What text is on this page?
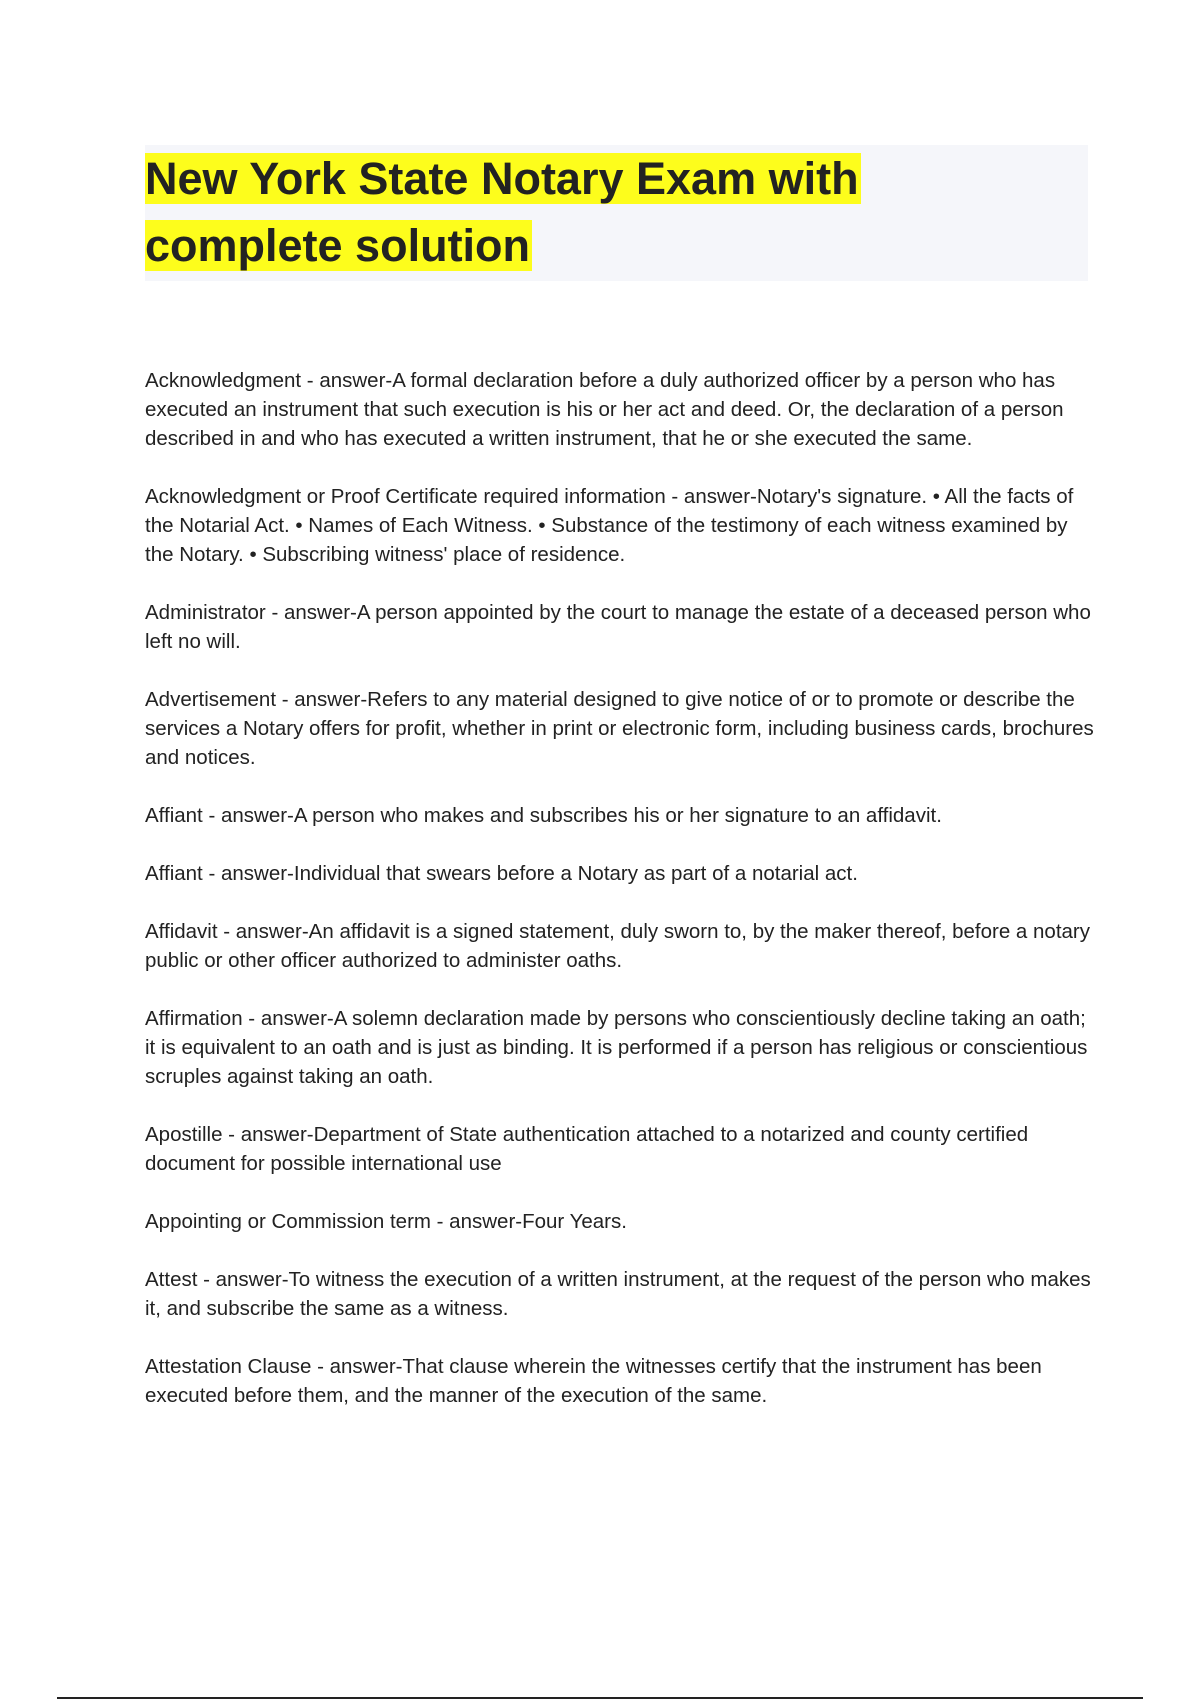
New York State Notary Exam with
complete solution

Acknowledgment - answer-A formal declaration before a duly authorized officer by a person who has executed an instrument that such execution is his or her act and deed. Or, the declaration of a person described in and who has executed a written instrument, that he or she executed the same.

Acknowledgment or Proof Certificate required information - answer-Notary's signature. • All the facts of the Notarial Act. • Names of Each Witness. • Substance of the testimony of each witness examined by the Notary. • Subscribing witness' place of residence.

Administrator - answer-A person appointed by the court to manage the estate of a deceased person who left no will.

Advertisement - answer-Refers to any material designed to give notice of or to promote or describe the services a Notary offers for profit, whether in print or electronic form, including business cards, brochures and notices.

Affiant - answer-A person who makes and subscribes his or her signature to an affidavit.

Affiant - answer-Individual that swears before a Notary as part of a notarial act.

Affidavit - answer-An affidavit is a signed statement, duly sworn to, by the maker thereof, before a notary public or other officer authorized to administer oaths.

Affirmation - answer-A solemn declaration made by persons who conscientiously decline taking an oath; it is equivalent to an oath and is just as binding. It is performed if a person has religious or conscientious scruples against taking an oath.

Apostille - answer-Department of State authentication attached to a notarized and county certified document for possible international use

Appointing or Commission term - answer-Four Years.

Attest - answer-To witness the execution of a written instrument, at the request of the person who makes it, and subscribe the same as a witness.

Attestation Clause - answer-That clause wherein the witnesses certify that the instrument has been executed before them, and the manner of the execution of the same.
